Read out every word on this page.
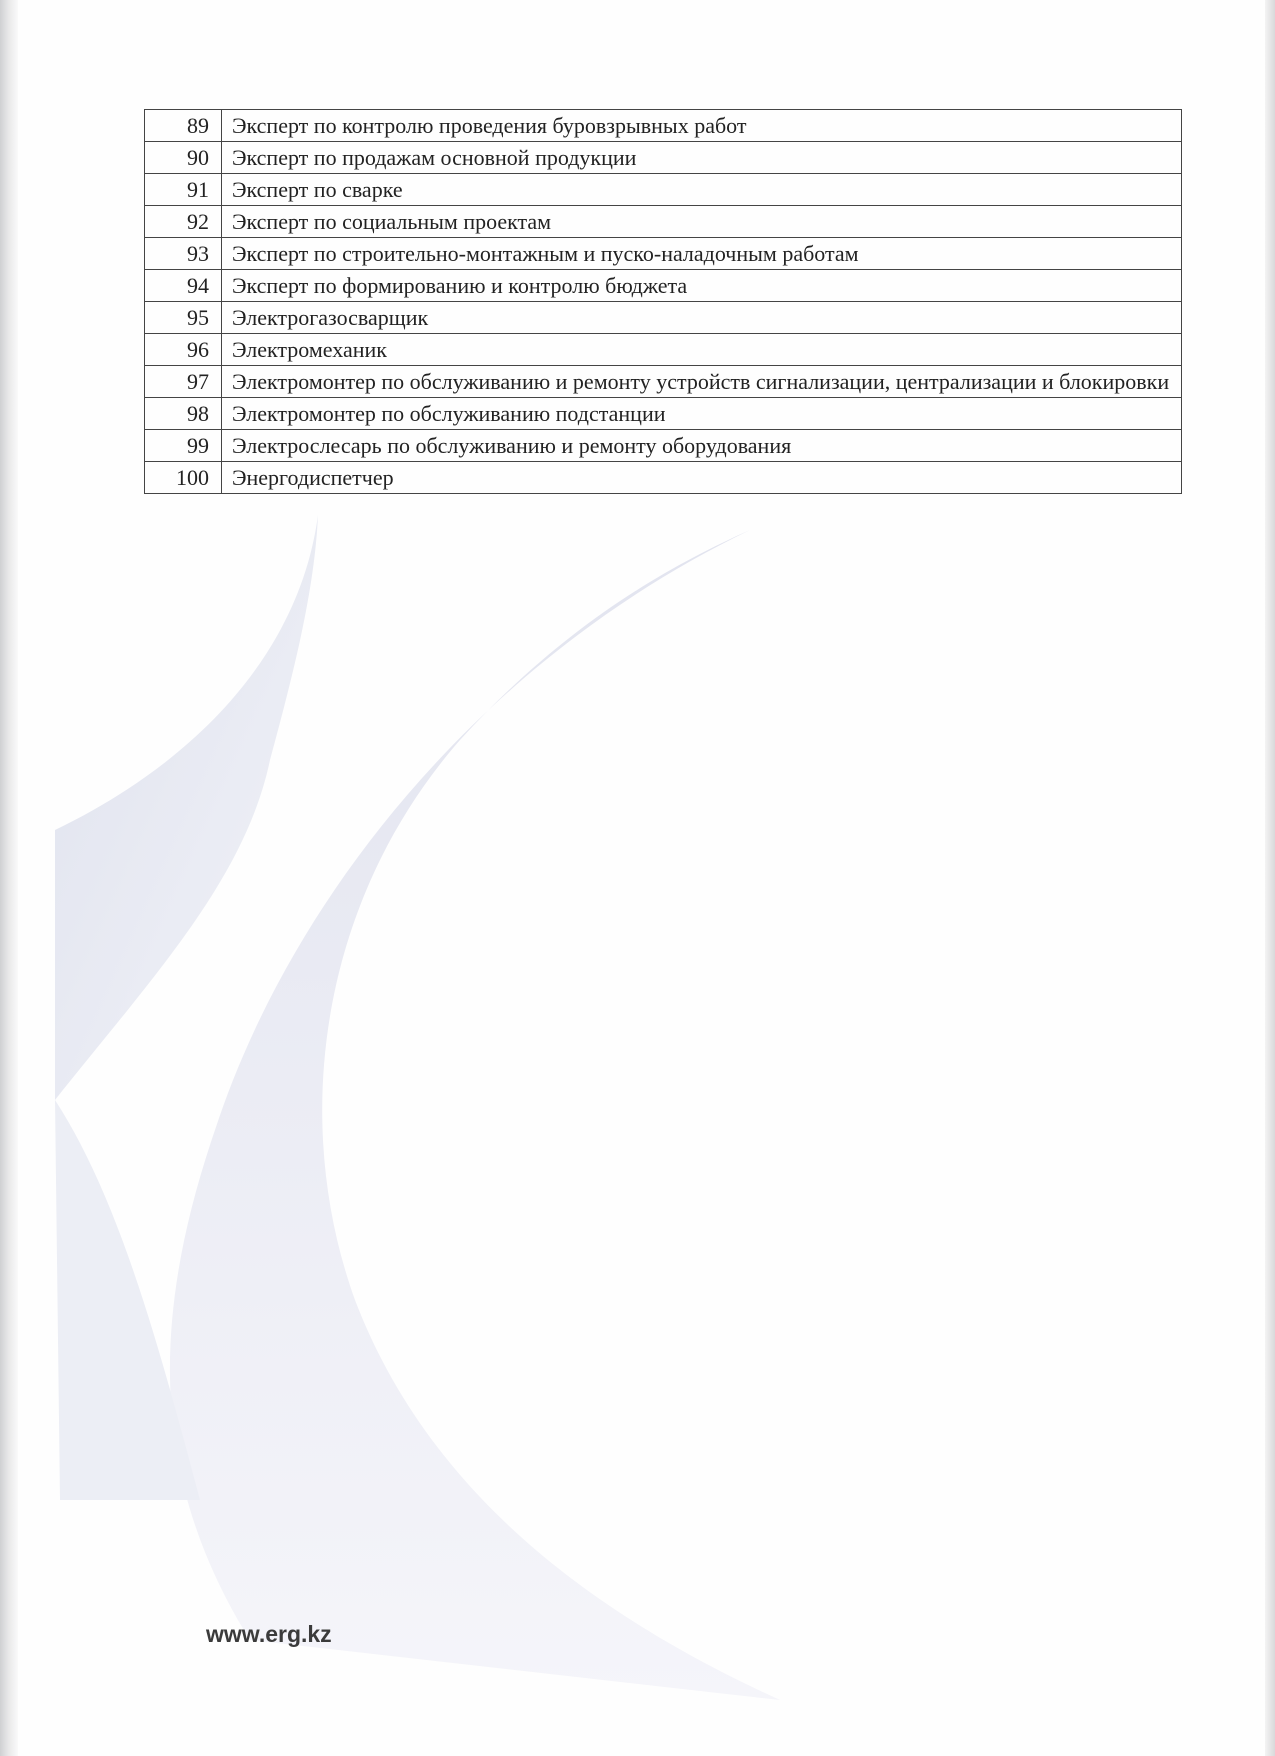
89	Эксперт по контролю проведения буровзрывных работ
90	Эксперт по продажам основной продукции
91	Эксперт по сварке
92	Эксперт по социальным проектам
93	Эксперт по строительно-монтажным и пуско-наладочным работам
94	Эксперт по формированию и контролю бюджета
95	Электрогазосварщик
96	Электромеханик
97	Электромонтер по обслуживанию и ремонту устройств сигнализации, централизации и блокировки
98	Электромонтер по обслуживанию подстанции
99	Электрослесарь по обслуживанию и ремонту оборудования
100	Энергодиспетчер
www.erg.kz
